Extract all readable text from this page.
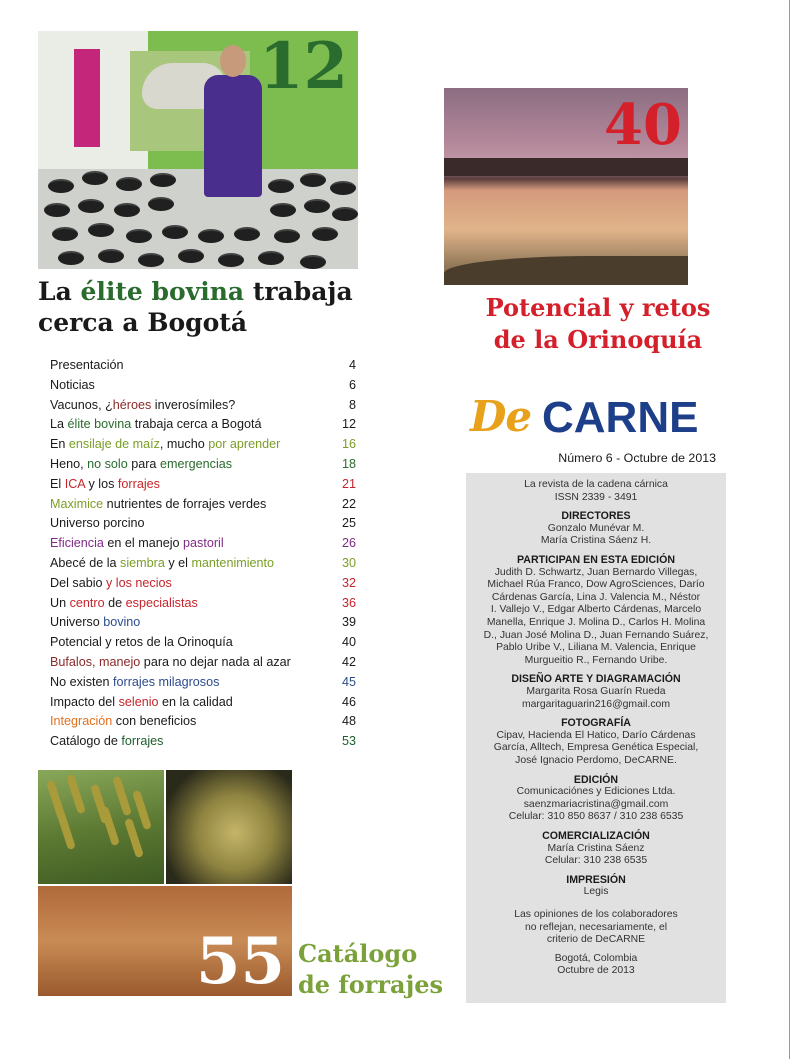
12
La élite bovina trabaja
cerca a Bogotá
Presentación	4
Noticias	6
Vacunos, ¿héroes inverosímiles?	8
La élite bovina trabaja cerca a Bogotá	12
En ensilaje de maíz, mucho por aprender	16
Heno, no solo para emergencias	18
El ICA y los forrajes	21
Maximice nutrientes de forrajes verdes	22
Universo porcino	25
Eficiencia en el manejo pastoril	26
Abecé de la siembra y el mantenimiento	30
Del sabio y los necios	32
Un centro de especialistas	36
Universo bovino	39
Potencial y retos de la Orinoquía	40
Bufalos, manejo para no dejar nada al azar	42
No existen forrajes milagrosos	45
Impacto del selenio en la calidad	46
Integración con beneficios	48
Catálogo de forrajes	53
40
Potencial y retos
de la Orinoquía
De CARNE
Número 6 - Octubre de 2013
La revista de la cadena cárnica
ISSN 2339 - 3491
DIRECTORES
Gonzalo Munévar M.
María Cristina Sáenz H.
PARTICIPAN EN ESTA EDICIÓN
Judith D. Schwartz, Juan Bernardo Villegas,
Michael Rúa Franco, Dow AgroSciences, Darío
Cárdenas García, Lina J. Valencia M., Néstor
I. Vallejo V., Edgar Alberto Cárdenas, Marcelo
Manella, Enrique J. Molina D., Carlos H. Molina
D., Juan José Molina D., Juan Fernando Suárez,
Pablo Uribe V., Liliana M. Valencia, Enrique
Murgueitio R., Fernando Uribe.
DISEÑO ARTE Y DIAGRAMACIÓN
Margarita Rosa Guarín Rueda
margaritaguarin216@gmail.com
FOTOGRAFÍA
Cipav, Hacienda El Hatico, Darío Cárdenas
García, Alltech, Empresa Genética Especial,
José Ignacio Perdomo, DeCARNE.
EDICIÓN
Comunicaciónes y Ediciones Ltda.
saenzmariacristina@gmail.com
Celular: 310 850 8637 / 310 238 6535
COMERCIALIZACIÓN
María Cristina Sáenz
Celular: 310 238 6535
IMPRESIÓN
Legis
Las opiniones de los colaboradores
no reflejan, necesariamente, el
criterio de DeCARNE
Bogotá, Colombia
Octubre de 2013
55 Catálogo
de forrajes
